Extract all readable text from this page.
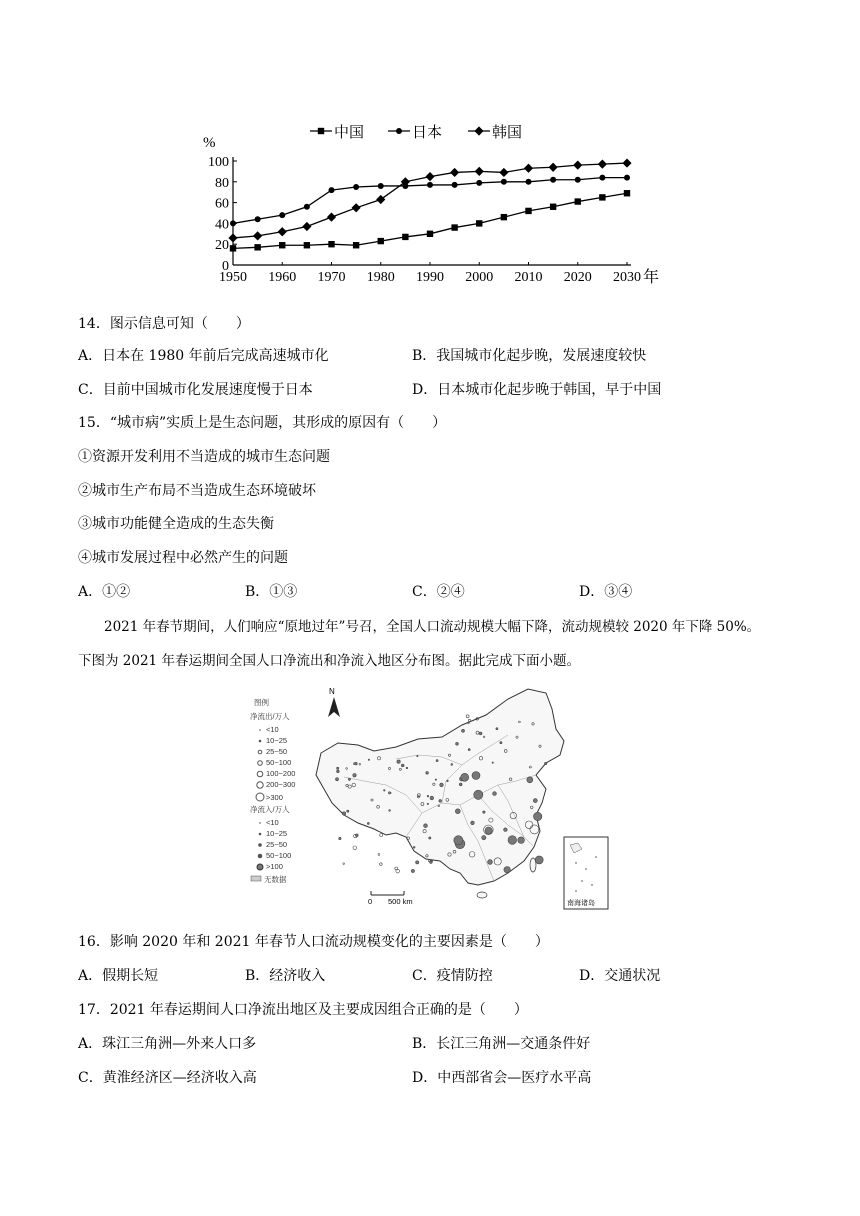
0
20
40
60
80
100
1950 1960 1970 1980 1990 2000 2010 2020 2030
%
年
中国	日本	韩国
14．图示信息可知（　　）
A．日本在 1980 年前后完成高速城市化	B．我国城市化起步晚，发展速度较快
C．目前中国城市化发展速度慢于日本	D．日本城市化起步晚于韩国，早于中国
15．“城市病”实质上是生态问题，其形成的原因有（　　）
①资源开发利用不当造成的城市生态问题
②城市生产布局不当造成生态环境破坏
③城市功能健全造成的生态失衡
④城市发展过程中必然产生的问题
A．①②	B．①③	C．②④	D．③④
2021 年春节期间，人们响应“原地过年”号召，全国人口流动规模大幅下降，流动规模较 2020 年下降 50%。
下图为 2021 年春运期间全国人口净流出和净流入地区分布图。据此完成下面小题。
N
图例
净流出/万人
<10
10~25
25~50
50~100
100~200
200~300
>300
净流入/万人
<10
10~25
25~50
50~100
>100
无数据
0 500 km	南海诸岛
16．影响 2020 年和 2021 年春节人口流动规模变化的主要因素是（　　）
A．假期长短	B．经济收入	C．疫情防控	D．交通状况
17．2021 年春运期间人口净流出地区及主要成因组合正确的是（　　）
A．珠江三角洲—外来人口多	B．长江三角洲—交通条件好
C．黄淮经济区—经济收入高	D．中西部省会—医疗水平高
